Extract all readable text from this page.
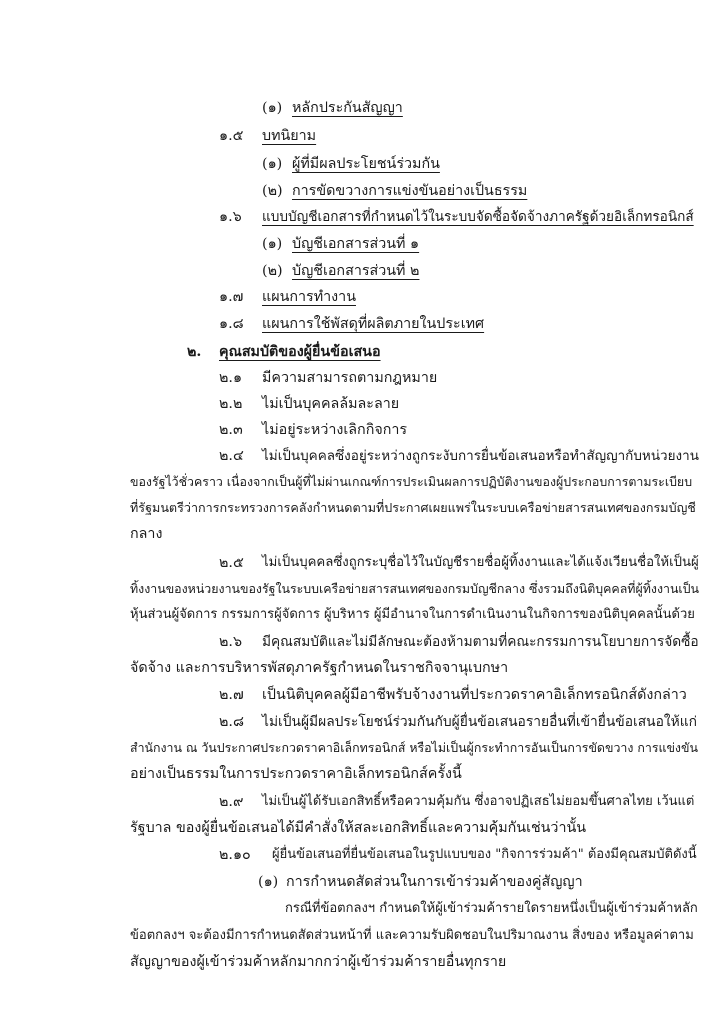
(๑) หลักประกันสัญญา
๑.๕ บทนิยาม
(๑) ผู้ที่มีผลประโยชน์ร่วมกัน
(๒) การขัดขวางการแข่งขันอย่างเป็นธรรม
๑.๖ แบบบัญชีเอกสารที่กำหนดไว้ในระบบจัดซื้อจัดจ้างภาครัฐด้วยอิเล็กทรอนิกส์
(๑) บัญชีเอกสารส่วนที่ ๑
(๒) บัญชีเอกสารส่วนที่ ๒
๑.๗ แผนการทำงาน
๑.๘ แผนการใช้พัสดุที่ผลิตภายในประเทศ
๒. คุณสมบัติของผู้ยื่นข้อเสนอ
๒.๑ มีความสามารถตามกฎหมาย
๒.๒ ไม่เป็นบุคคลล้มละลาย
๒.๓ ไม่อยู่ระหว่างเลิกกิจการ
๒.๔ ไม่เป็นบุคคลซึ่งอยู่ระหว่างถูกระงับการยื่นข้อเสนอหรือทำสัญญากับหน่วยงาน
ของรัฐไว้ชั่วคราว เนื่องจากเป็นผู้ที่ไม่ผ่านเกณฑ์การประเมินผลการปฏิบัติงานของผู้ประกอบการตามระเบียบ
ที่รัฐมนตรีว่าการกระทรวงการคลังกำหนดตามที่ประกาศเผยแพร่ในระบบเครือข่ายสารสนเทศของกรมบัญชี
กลาง
๒.๕ ไม่เป็นบุคคลซึ่งถูกระบุชื่อไว้ในบัญชีรายชื่อผู้ทิ้งงานและได้แจ้งเวียนชื่อให้เป็นผู้
ทิ้งงานของหน่วยงานของรัฐในระบบเครือข่ายสารสนเทศของกรมบัญชีกลาง ซึ่งรวมถึงนิติบุคคลที่ผู้ทิ้งงานเป็น
หุ้นส่วนผู้จัดการ กรรมการผู้จัดการ ผู้บริหาร ผู้มีอำนาจในการดำเนินงานในกิจการของนิติบุคคลนั้นด้วย
๒.๖ มีคุณสมบัติและไม่มีลักษณะต้องห้ามตามที่คณะกรรมการนโยบายการจัดซื้อ
จัดจ้าง และการบริหารพัสดุภาครัฐกำหนดในราชกิจจานุเบกษา
๒.๗ เป็นนิติบุคคลผู้มีอาชีพรับจ้างงานที่ประกวดราคาอิเล็กทรอนิกส์ดังกล่าว
๒.๘ ไม่เป็นผู้มีผลประโยชน์ร่วมกันกับผู้ยื่นข้อเสนอรายอื่นที่เข้ายื่นข้อเสนอให้แก่
สำนักงาน ณ วันประกาศประกวดราคาอิเล็กทรอนิกส์ หรือไม่เป็นผู้กระทำการอันเป็นการขัดขวาง การแข่งขัน
อย่างเป็นธรรมในการประกวดราคาอิเล็กทรอนิกส์ครั้งนี้
๒.๙ ไม่เป็นผู้ได้รับเอกสิทธิ์หรือความคุ้มกัน ซึ่งอาจปฏิเสธไม่ยอมขึ้นศาลไทย เว้นแต่
รัฐบาล ของผู้ยื่นข้อเสนอได้มีคำสั่งให้สละเอกสิทธิ์และความคุ้มกันเช่นว่านั้น
๒.๑๐ ผู้ยื่นข้อเสนอที่ยื่นข้อเสนอในรูปแบบของ "กิจการร่วมค้า" ต้องมีคุณสมบัติดังนี้
(๑) การกำหนดสัดส่วนในการเข้าร่วมค้าของคู่สัญญา
กรณีที่ข้อตกลงฯ กำหนดให้ผู้เข้าร่วมค้ารายใดรายหนึ่งเป็นผู้เข้าร่วมค้าหลัก
ข้อตกลงฯ จะต้องมีการกำหนดสัดส่วนหน้าที่ และความรับผิดชอบในปริมาณงาน สิ่งของ หรือมูลค่าตาม
สัญญาของผู้เข้าร่วมค้าหลักมากกว่าผู้เข้าร่วมค้ารายอื่นทุกราย
